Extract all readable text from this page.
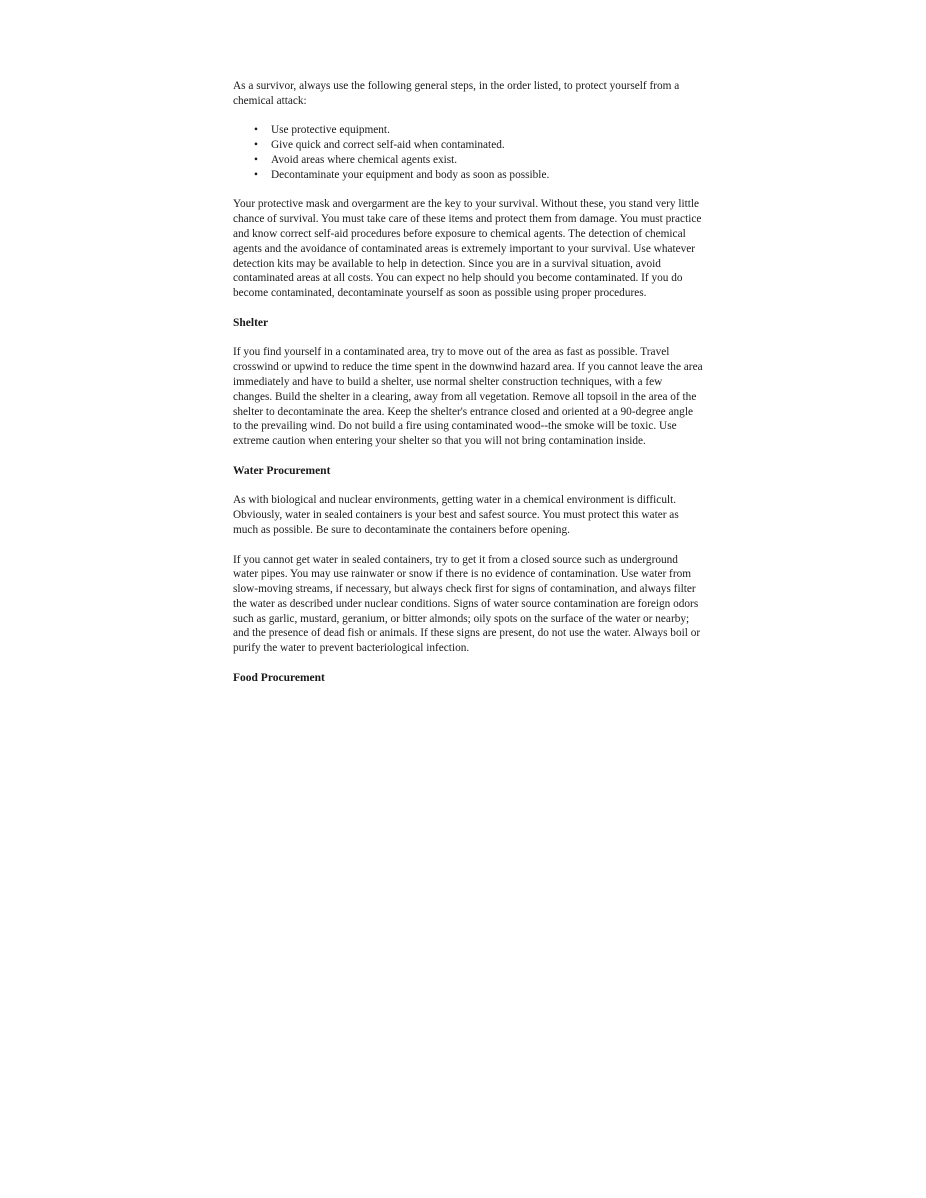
As a survivor, always use the following general steps, in the order listed, to protect yourself from a chemical attack:

• Use protective equipment.
• Give quick and correct self-aid when contaminated.
• Avoid areas where chemical agents exist.
• Decontaminate your equipment and body as soon as possible.

Your protective mask and overgarment are the key to your survival. Without these, you stand very little chance of survival. You must take care of these items and protect them from damage. You must practice and know correct self-aid procedures before exposure to chemical agents. The detection of chemical agents and the avoidance of contaminated areas is extremely important to your survival. Use whatever detection kits may be available to help in detection. Since you are in a survival situation, avoid contaminated areas at all costs. You can expect no help should you become contaminated. If you do become contaminated, decontaminate yourself as soon as possible using proper procedures.

Shelter

If you find yourself in a contaminated area, try to move out of the area as fast as possible. Travel crosswind or upwind to reduce the time spent in the downwind hazard area. If you cannot leave the area immediately and have to build a shelter, use normal shelter construction techniques, with a few changes. Build the shelter in a clearing, away from all vegetation. Remove all topsoil in the area of the shelter to decontaminate the area. Keep the shelter's entrance closed and oriented at a 90-degree angle to the prevailing wind. Do not build a fire using contaminated wood--the smoke will be toxic. Use extreme caution when entering your shelter so that you will not bring contamination inside.

Water Procurement

As with biological and nuclear environments, getting water in a chemical environment is difficult. Obviously, water in sealed containers is your best and safest source. You must protect this water as much as possible. Be sure to decontaminate the containers before opening.

If you cannot get water in sealed containers, try to get it from a closed source such as underground water pipes. You may use rainwater or snow if there is no evidence of contamination. Use water from slow-moving streams, if necessary, but always check first for signs of contamination, and always filter the water as described under nuclear conditions. Signs of water source contamination are foreign odors such as garlic, mustard, geranium, or bitter almonds; oily spots on the surface of the water or nearby; and the presence of dead fish or animals. If these signs are present, do not use the water. Always boil or purify the water to prevent bacteriological infection.

Food Procurement
